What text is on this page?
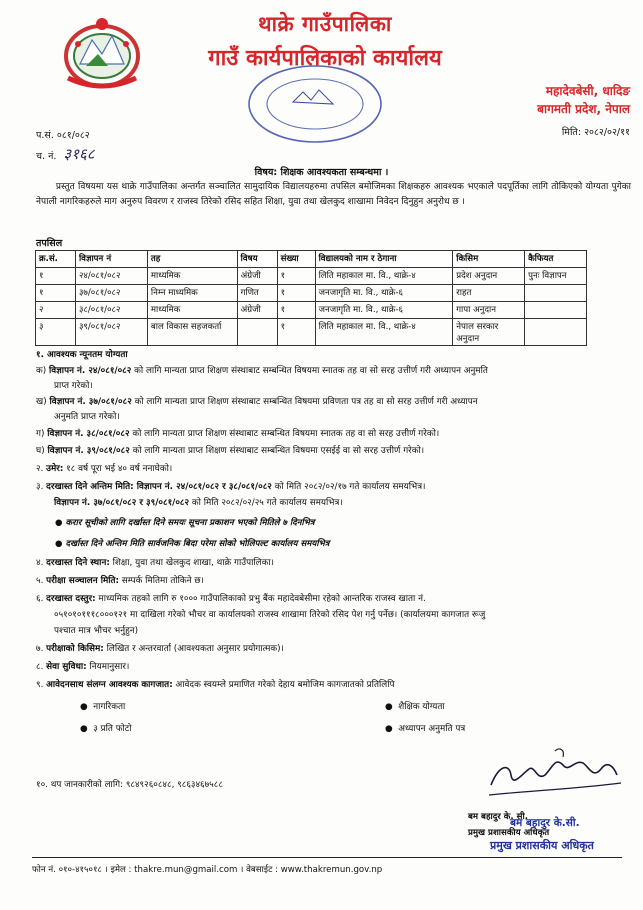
थाक्रे गाउँपालिका
गाउँ कार्यपालिकाको कार्यालय
महादेवबेसी, धादिङ
बागमती प्रदेश, नेपाल
मिति: २०८२/०२/११
प.सं. ०८१/०८२
च. नं. ३१६८
विषय: शिक्षक आवश्यकता सम्बन्धमा ।
प्रस्तुत विषयमा यस थाक्रे गाउँपालिका अन्तर्गत सञ्चालित सामुदायिक विद्यालयहरुमा तपसिल बमोजिमका शिक्षकहरु आवश्यक भएकाले पदपूर्तिका लागि तोकिएको योग्यता पुगेका नेपाली नागरिकहरुले माग अनुरुप विवरण र राजस्व तिरेको रसिद सहित शिक्षा, युवा तथा खेलकुद शाखामा निवेदन दिनुहुन अनुरोध छ ।
तपसिल
क्र.सं.	विज्ञापन नं	तह	विषय	संख्या	विद्यालयको नाम र ठेगाना	किसिम	कैफियत
१	२४/०८१/०८२	माध्यमिक	अंग्रेजी	१	लिति महाकाल मा. वि., थाक्रे-४	प्रदेश अनुदान	पुनः विज्ञापन
१	३७/०८१/०८२	निम्न माध्यमिक	गणित	१	जनजागृति मा. वि., थाक्रे-६	राहत	
२	३८/०८१/०८२	माध्यमिक	अंग्रेजी	१	जनजागृति मा. वि., थाक्रे-६	गापा अनुदान	
३	३९/०८१/०८२	बाल विकास सहजकर्ता		१	लिति महाकाल मा. वि., थाक्रे-४	नेपाल सरकार अनुदान	
१. आवश्यक न्यूनतम योग्यता
क) विज्ञापन नं. २४/०८१/०८२ को लागि मान्यता प्राप्त शिक्षण संस्थाबाट सम्बन्धित विषयमा स्नातक तह वा सो सरह उत्तीर्ण गरी अध्यापन अनुमति
प्राप्त गरेको।
ख) विज्ञापन नं. ३७/०८१/०८२ को लागि मान्यता प्राप्त शिक्षण संस्थाबाट सम्बन्धित विषयमा प्रविणता पत्र तह वा सो सरह उत्तीर्ण गरी अध्यापन
अनुमति प्राप्त गरेको।
ग) विज्ञापन नं. ३८/०८१/०८२ को लागि मान्यता प्राप्त शिक्षण संस्थाबाट सम्बन्धित विषयमा स्नातक तह वा सो सरह उत्तीर्ण गरेको।
घ) विज्ञापन नं. ३९/०८१/०८२ को लागि मान्यता प्राप्त शिक्षण संस्थाबाट सम्बन्धित विषयमा एसईई वा सो सरह उत्तीर्ण गरेको।
२. उमेर: १८ वर्ष पूरा भई ४० वर्ष ननाघेको।
३. दरखास्त दिने अन्तिम मिति: विज्ञापन नं. २४/०८१/०८२ र ३८/०८१/०८२ को मिति २०८२/०२/१७ गते कार्यालय समयभित्र।
विज्ञापन नं. ३७/०८१/०८२ र ३९/०८१/०८२ को मिति २०८२/०२/२५ गते कार्यालय समयभित्र।
● करार सूचीको लागि दर्खास्त दिने समयः सूचना प्रकाशन भएको मितिले ७ दिनभित्र
● दर्खास्त दिने अन्तिम मिति सार्वजनिक बिदा परेमा सोको भोलिपल्ट कार्यालय समयभित्र
४. दरखास्त दिने स्थान: शिक्षा, युवा तथा खेलकुद शाखा, थाक्रे गाउँपालिका।
५. परीक्षा सञ्चालन मिति: सम्पर्क मितिमा तोकिने छ।
६. दरखास्त दस्तुर: माध्यमिक तहको लागि रु १००० गाउँपालिकाको प्रभु बैंक महादेवबेसीमा रहेको आन्तरिक राजस्व खाता नं.
०५१०१०१११८०००१२१ मा दाखिला गरेको भौचर वा कार्यालयको राजस्व शाखामा तिरेको रसिद पेश गर्नु पर्नेछ। (कार्यालयमा कागजात रूजु
पश्चात मात्र भौचर भर्नुहुन)
७. परीक्षाको किसिम: लिखित र अन्तरवार्ता (आवश्यकता अनुसार प्रयोगात्मक)।
८. सेवा सुविधा: नियमानुसार।
९. आवेदनसाथ संलग्न आवश्यक कागजात: आवेदक स्वयम्ले प्रमाणित गरेको देहाय बमोजिम कागजातको प्रतिलिपि
●  नागरिकता	●  शैक्षिक योग्यता
●  ३ प्रति फोटो	●  अध्यापन अनुमति पत्र
१०. थप जानकारीको लागि: ९८४९२६०८४८, ९८६३४६७५८८
बम बहादुर के. सी.
प्रमुख प्रशासकीय अधिकृत
बम बहादुर के.सी.
प्रमुख प्रशासकीय अधिकृत
फोन नं. ०१०-४१५०१८ । इमेल : thakre.mun@gmail.com । वेबसाईट : www.thakremun.gov.np
